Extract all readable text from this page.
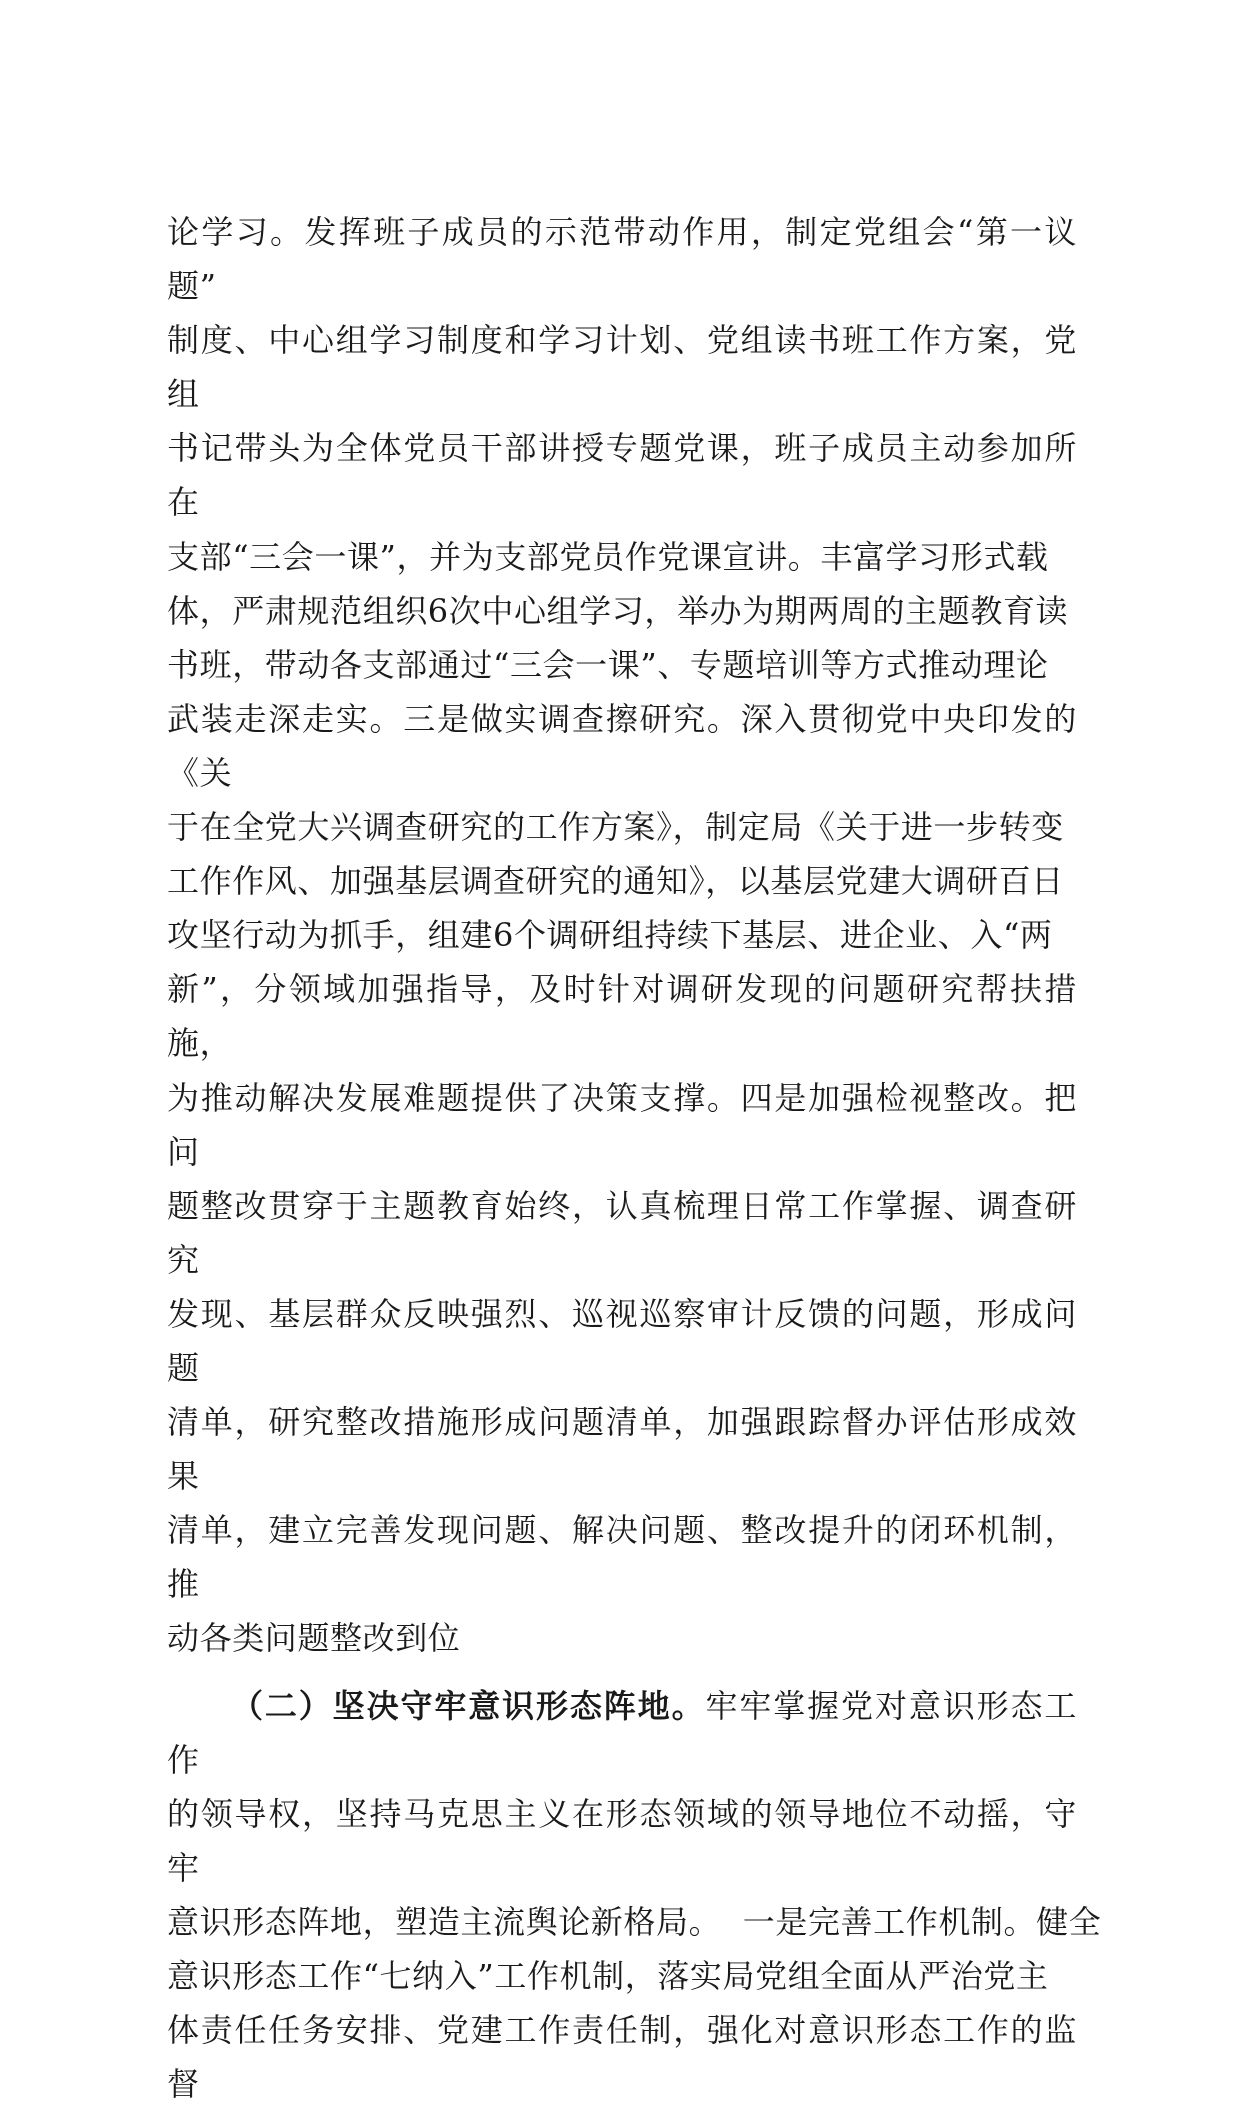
论学习。发挥班子成员的示范带动作用，制定党组会“第一议题”
制度、中心组学习制度和学习计划、党组读书班工作方案，党组
书记带头为全体党员干部讲授专题党课，班子成员主动参加所在
支部“三会一课”，并为支部党员作党课宣讲。丰富学习形式载
体，严肃规范组织6次中心组学习，举办为期两周的主题教育读
书班，带动各支部通过“三会一课”、专题培训等方式推动理论
武装走深走实。三是做实调查擦研究。深入贯彻党中央印发的《关
于在全党大兴调查研究的工作方案》，制定局《关于进一步转变
工作作风、加强基层调查研究的通知》，以基层党建大调研百日
攻坚行动为抓手，组建6个调研组持续下基层、进企业、入“两
新”，分领域加强指导，及时针对调研发现的问题研究帮扶措施，
为推动解决发展难题提供了决策支撑。四是加强检视整改。把问
题整改贯穿于主题教育始终，认真梳理日常工作掌握、调查研究
发现、基层群众反映强烈、巡视巡察审计反馈的问题，形成问题
清单，研究整改措施形成问题清单，加强跟踪督办评估形成效果
清单，建立完善发现问题、解决问题、整改提升的闭环机制，推
动各类问题整改到位
（二）坚决守牢意识形态阵地。牢牢掌握党对意识形态工作
的领导权，坚持马克思主义在形态领域的领导地位不动摇，守牢
意识形态阵地，塑造主流舆论新格局。  一是完善工作机制。健全
意识形态工作“七纳入”工作机制，落实局党组全面从严治党主
体责任任务安排、党建工作责任制，强化对意识形态工作的监督
